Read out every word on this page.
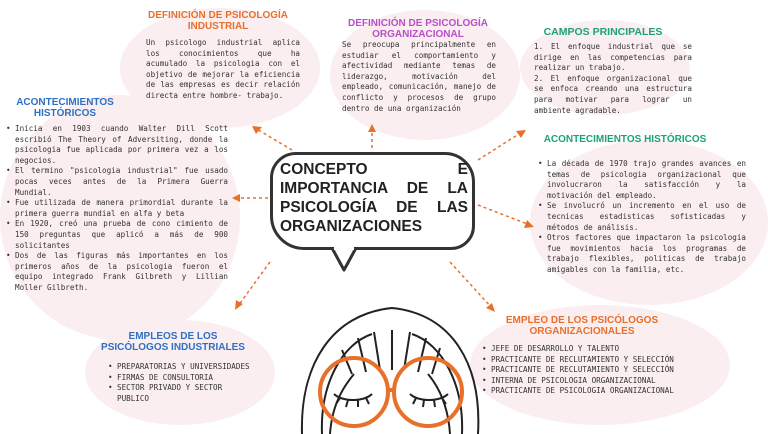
DEFINICIÓN DE PSICOLOGÍA INDUSTRIAL
Un psicologo industrial aplica los conocimientos que ha acumulado la psicologia con el objetivo de mejorar la eficiencia de las empresas es decir relación directa entre hombre- trabajo.
DEFINICIÓN DE PSICOLOGÍA ORGANIZACIONAL
Se preocupa principalmente en estudiar el comportamiento y afectividad mediante temas de liderazgo, motivación del empleado, comunicación, manejo de conflicto y procesos de grupo dentro de una organización
CAMPOS PRINCIPALES
1. El enfoque industrial que se dirige en las competencias para realizar un trabajo.
2. El enfoque organizacional que se enfoca creando una estructura para motivar para lograr un ambiente agradable.
ACONTECIMIENTOS HISTÓRICOS
• Inicia en 1903 cuando Walter Dill Scott escribió The Theory of Adversiting, donde la psicologia fue aplicada por primera vez a los negocios.
• El termino "psicologia industrial" fue usado pocas veces antes de la Primera Guerra Mundial.
• Fue utilizada de manera primordial durante la primera guerra mundial en alfa y beta
• En 1920, creó una prueba de cono cimiento de 150 preguntas que aplicó a más de 900 solicitantes
• Dos de las figuras más importantes en los primeros años de la psicologia fueron el equipo integrado Frank Gilbreth y Lillian Moller Gilbreth.
ACONTECIMIENTOS HISTÓRICOS
• La década de 1970 trajo grandes avances en temas de psicologia organizacional que involucraron la satisfacción y la motivación del empleado.
• Se involucró un incremento en el uso de tecnicas estadisticas sofisticadas y métodos de análisis.
• Otros factores que impactaron la psicologia fue movimientos hacia los programas de trabajo flexibles, politicas de trabajo amigables con la familia, etc.
EMPLEOS DE LOS PSICÓLOGOS INDUSTRIALES
• PREPARATORIAS Y UNIVERSIDADES
• FIRMAS DE CONSULTORIA
• SECTOR PRIVADO Y SECTOR PUBLICO
EMPLEO DE LOS PSICÓLOGOS ORGANIZACIONALES
• JEFE DE DESARROLLO Y TALENTO
• PRACTICANTE DE RECLUTAMIENTO Y SELECCIÓN
• PRACTICANTE DE RECLUTAMIENTO Y SELECCIÓN
• INTERNA DE PSICOLOGIA ORGANIZACIONAL
• PRACTICANTE DE PSICOLOGIA ORGANIZACIONAL
CONCEPTO E IMPORTANCIA DE LA PSICOLOGÍA DE LAS ORGANIZACIONES
